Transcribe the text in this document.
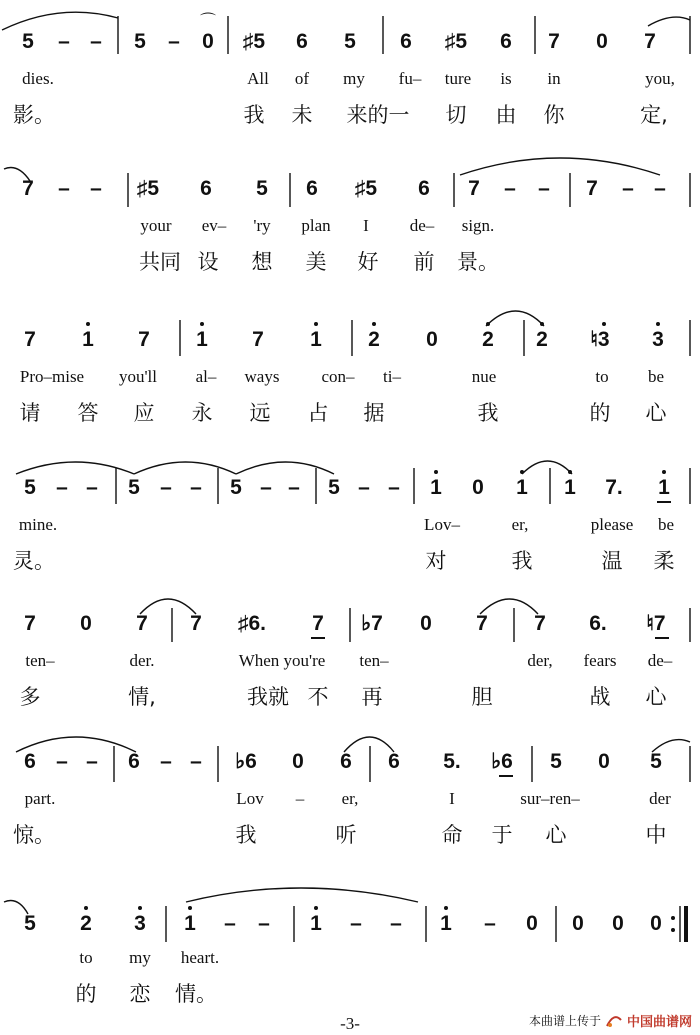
⌒
5 – – 5 – 0 ♯5 6 5 6 ♯5 6 7 0 7
dies.	All of my fu– ture is in	you,
影。	我 未 来的一 切 由 你	定,
7 – – ♯5 6 5 6 ♯5 6 7 – – 7 – –
your ev– 'ry plan I de– sign.
共同 设 想 美 好 前 景。
7 1 7 1 7 1 2 0 2 2 ♮3 3
Pro–mise you'll al– ways con– ti–	nue	to be
请 答 应 永 远 占 据	我	的 心
5 – – 5 – – 5 – – 5 – – 1 0 1 1 7. 1
mine.	Lov–	er,	please be
灵。	对	我	温 柔
7 0 7 7 ♯6. 7 ♭7 0 7 7 6. ♮7
ten–	der.	When you're ten–	der, fears de–
多	情,	我就 不 再	胆	战 心
6 – – 6 – – ♭6 0 6 6 5. ♭6 5 0 5
part.	Lov – er,	I	sur–ren–	der
惊。	我	听	命 于 心	中
5 2 3 1 – – 1 – – 1 – 0 0 0 0
to my heart.
的 恋 情。
-3-	本曲谱上传于 中国曲谱网
